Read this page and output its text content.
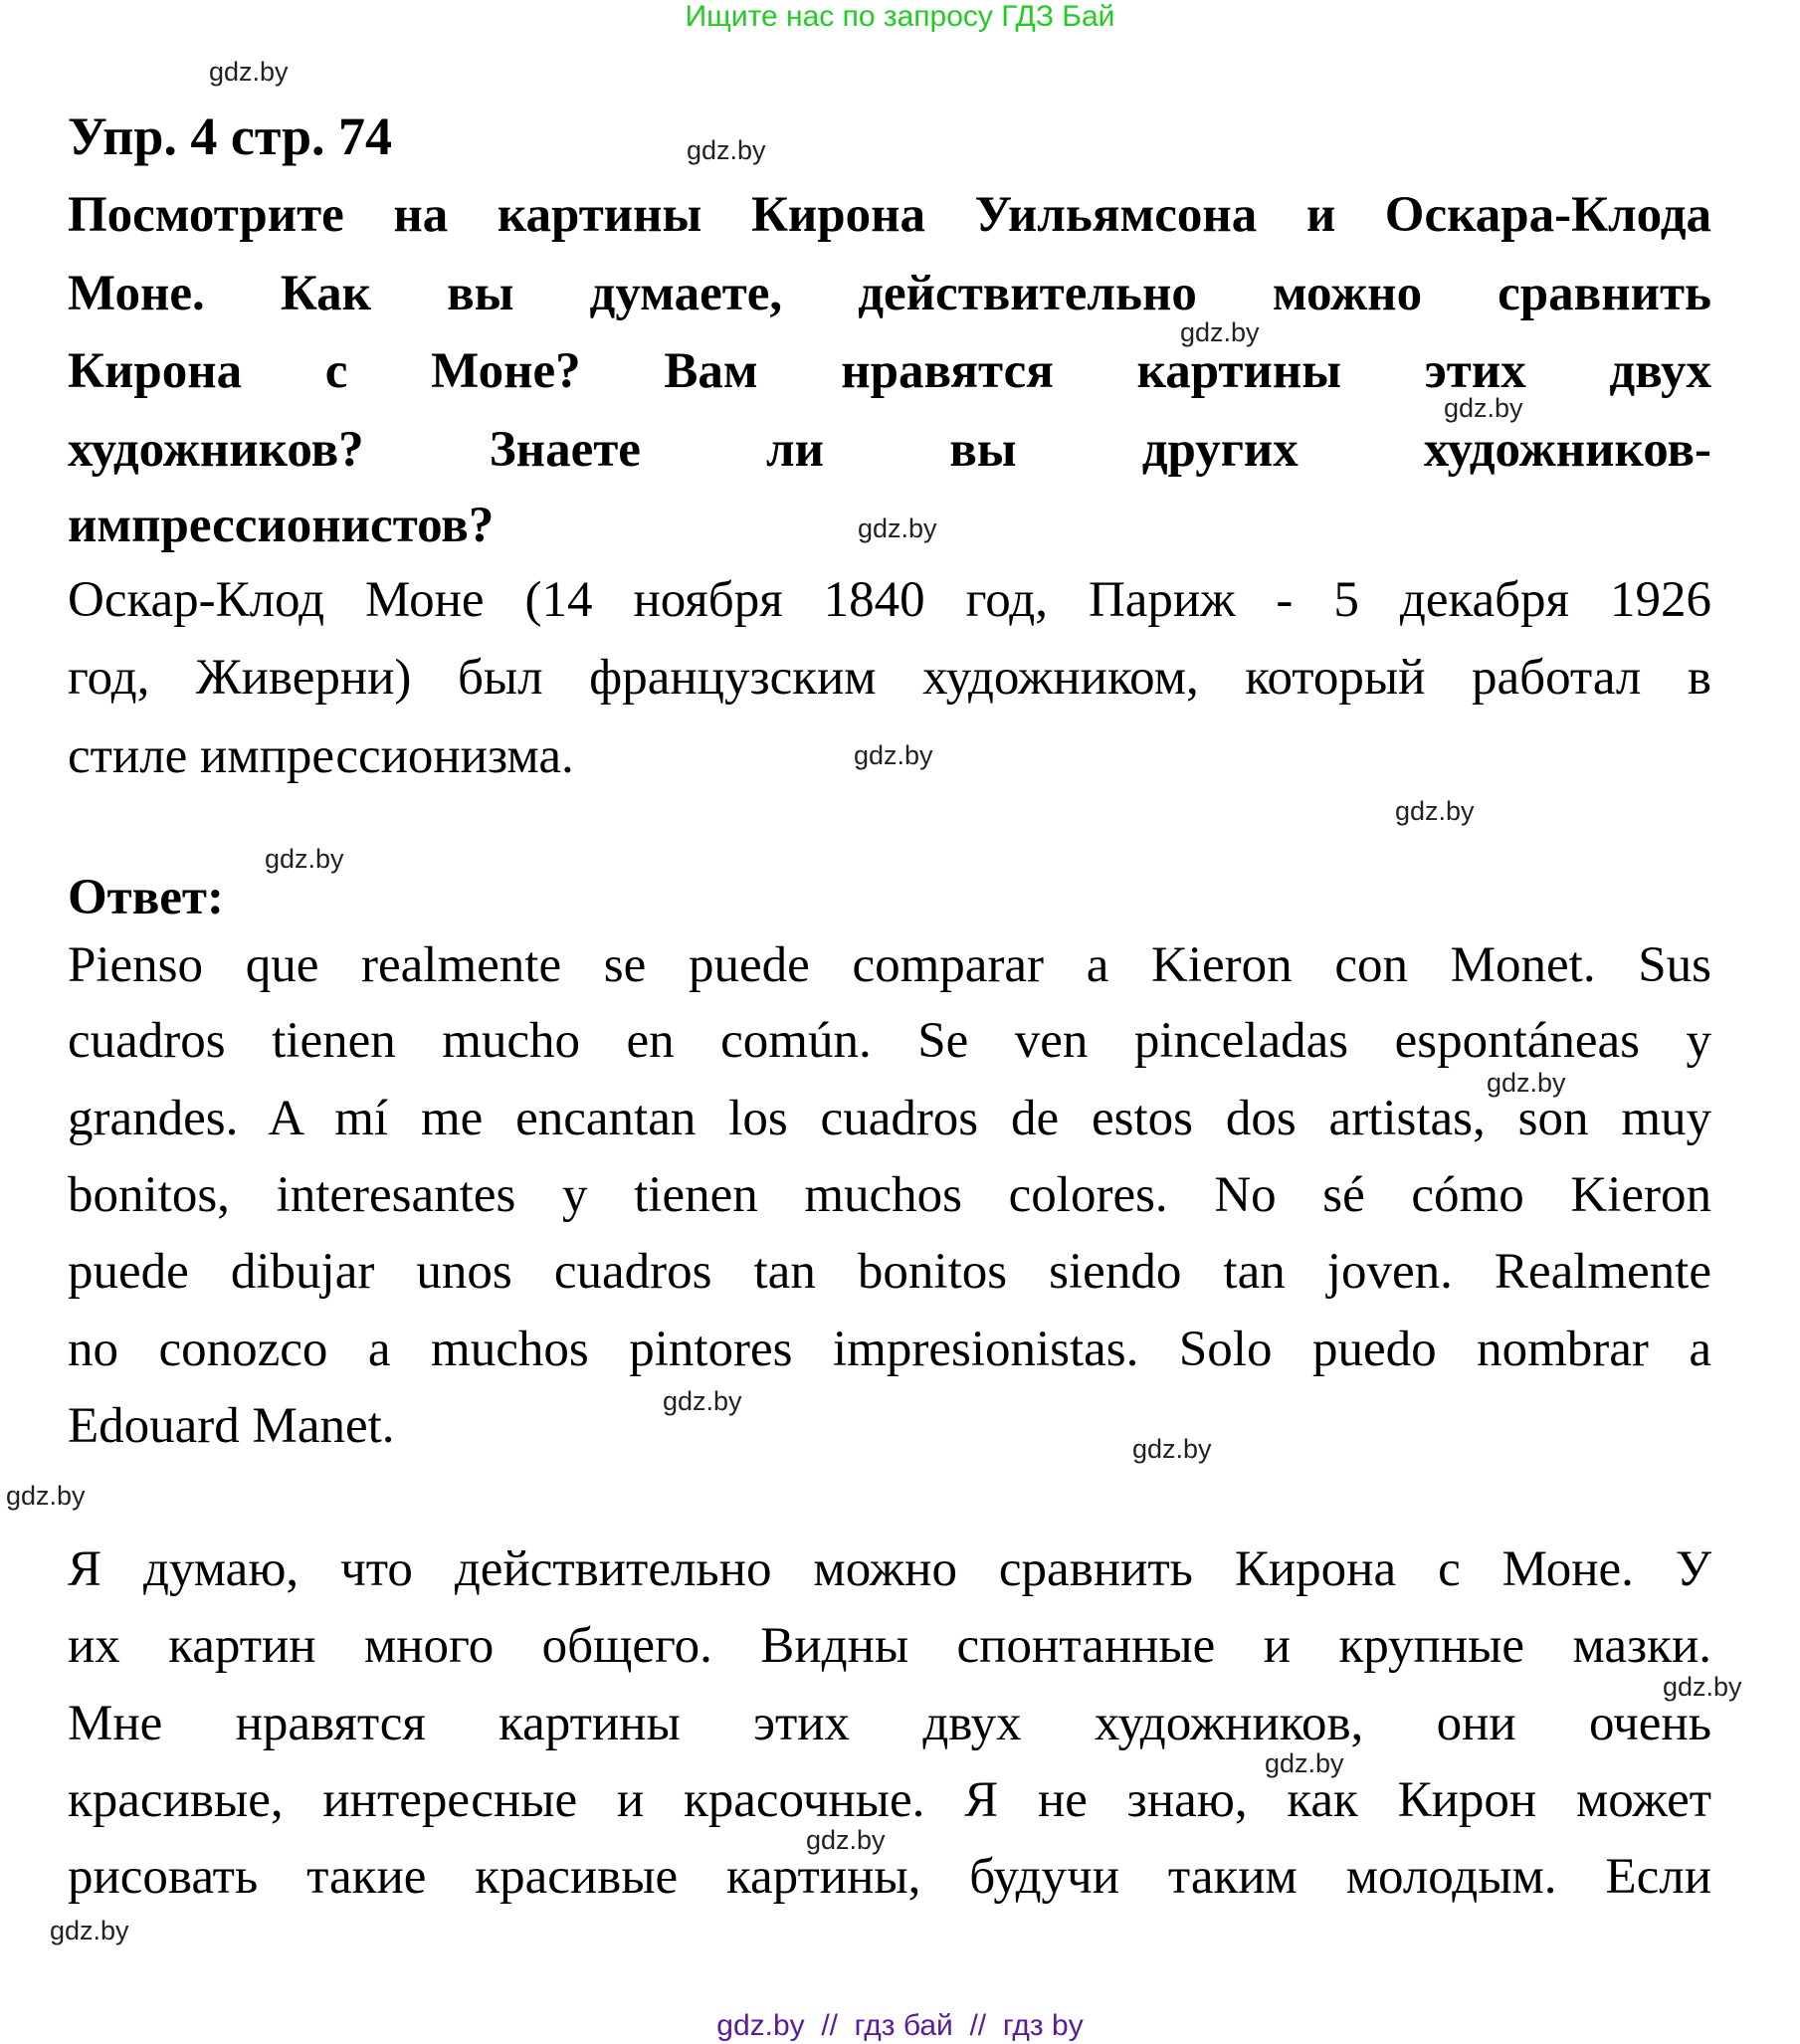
Ищите нас по запросу ГДЗ Бай
Упр. 4 стр. 74
Посмотрите на картины Кирона Уильямсона и Оскара-Клода
Моне. Как вы думаете, действительно можно сравнить
Кирона с Моне? Вам нравятся картины этих двух
художников? Знаете ли вы других художников-
импрессионистов?
Оскар-Клод Моне (14 ноября 1840 год, Париж - 5 декабря 1926
год, Живерни) был французским художником, который работал в
стиле импрессионизма.
Ответ:
Pienso que realmente se puede comparar a Kieron con Monet. Sus
cuadros tienen mucho en común. Se ven pinceladas espontáneas y
grandes. A mí me encantan los cuadros de estos dos artistas, son muy
bonitos, interesantes y tienen muchos colores. No sé cómo Kieron
puede dibujar unos cuadros tan bonitos siendo tan joven. Realmente
no conozco a muchos pintores impresionistas. Solo puedo nombrar a
Edouard Manet.
Я думаю, что действительно можно сравнить Кирона с Моне. У
их картин много общего. Видны спонтанные и крупные мазки.
Мне нравятся картины этих двух художников, они очень
красивые, интересные и красочные. Я не знаю, как Кирон может
рисовать такие красивые картины, будучи таким молодым. Если
gdz.by
gdz.by
gdz.by
gdz.by
gdz.by
gdz.by
gdz.by
gdz.by
gdz.by
gdz.by
gdz.by
gdz.by
gdz.by
gdz.by
gdz.by
gdz.by
gdz.by  //  гдз бай  //  гдз by
